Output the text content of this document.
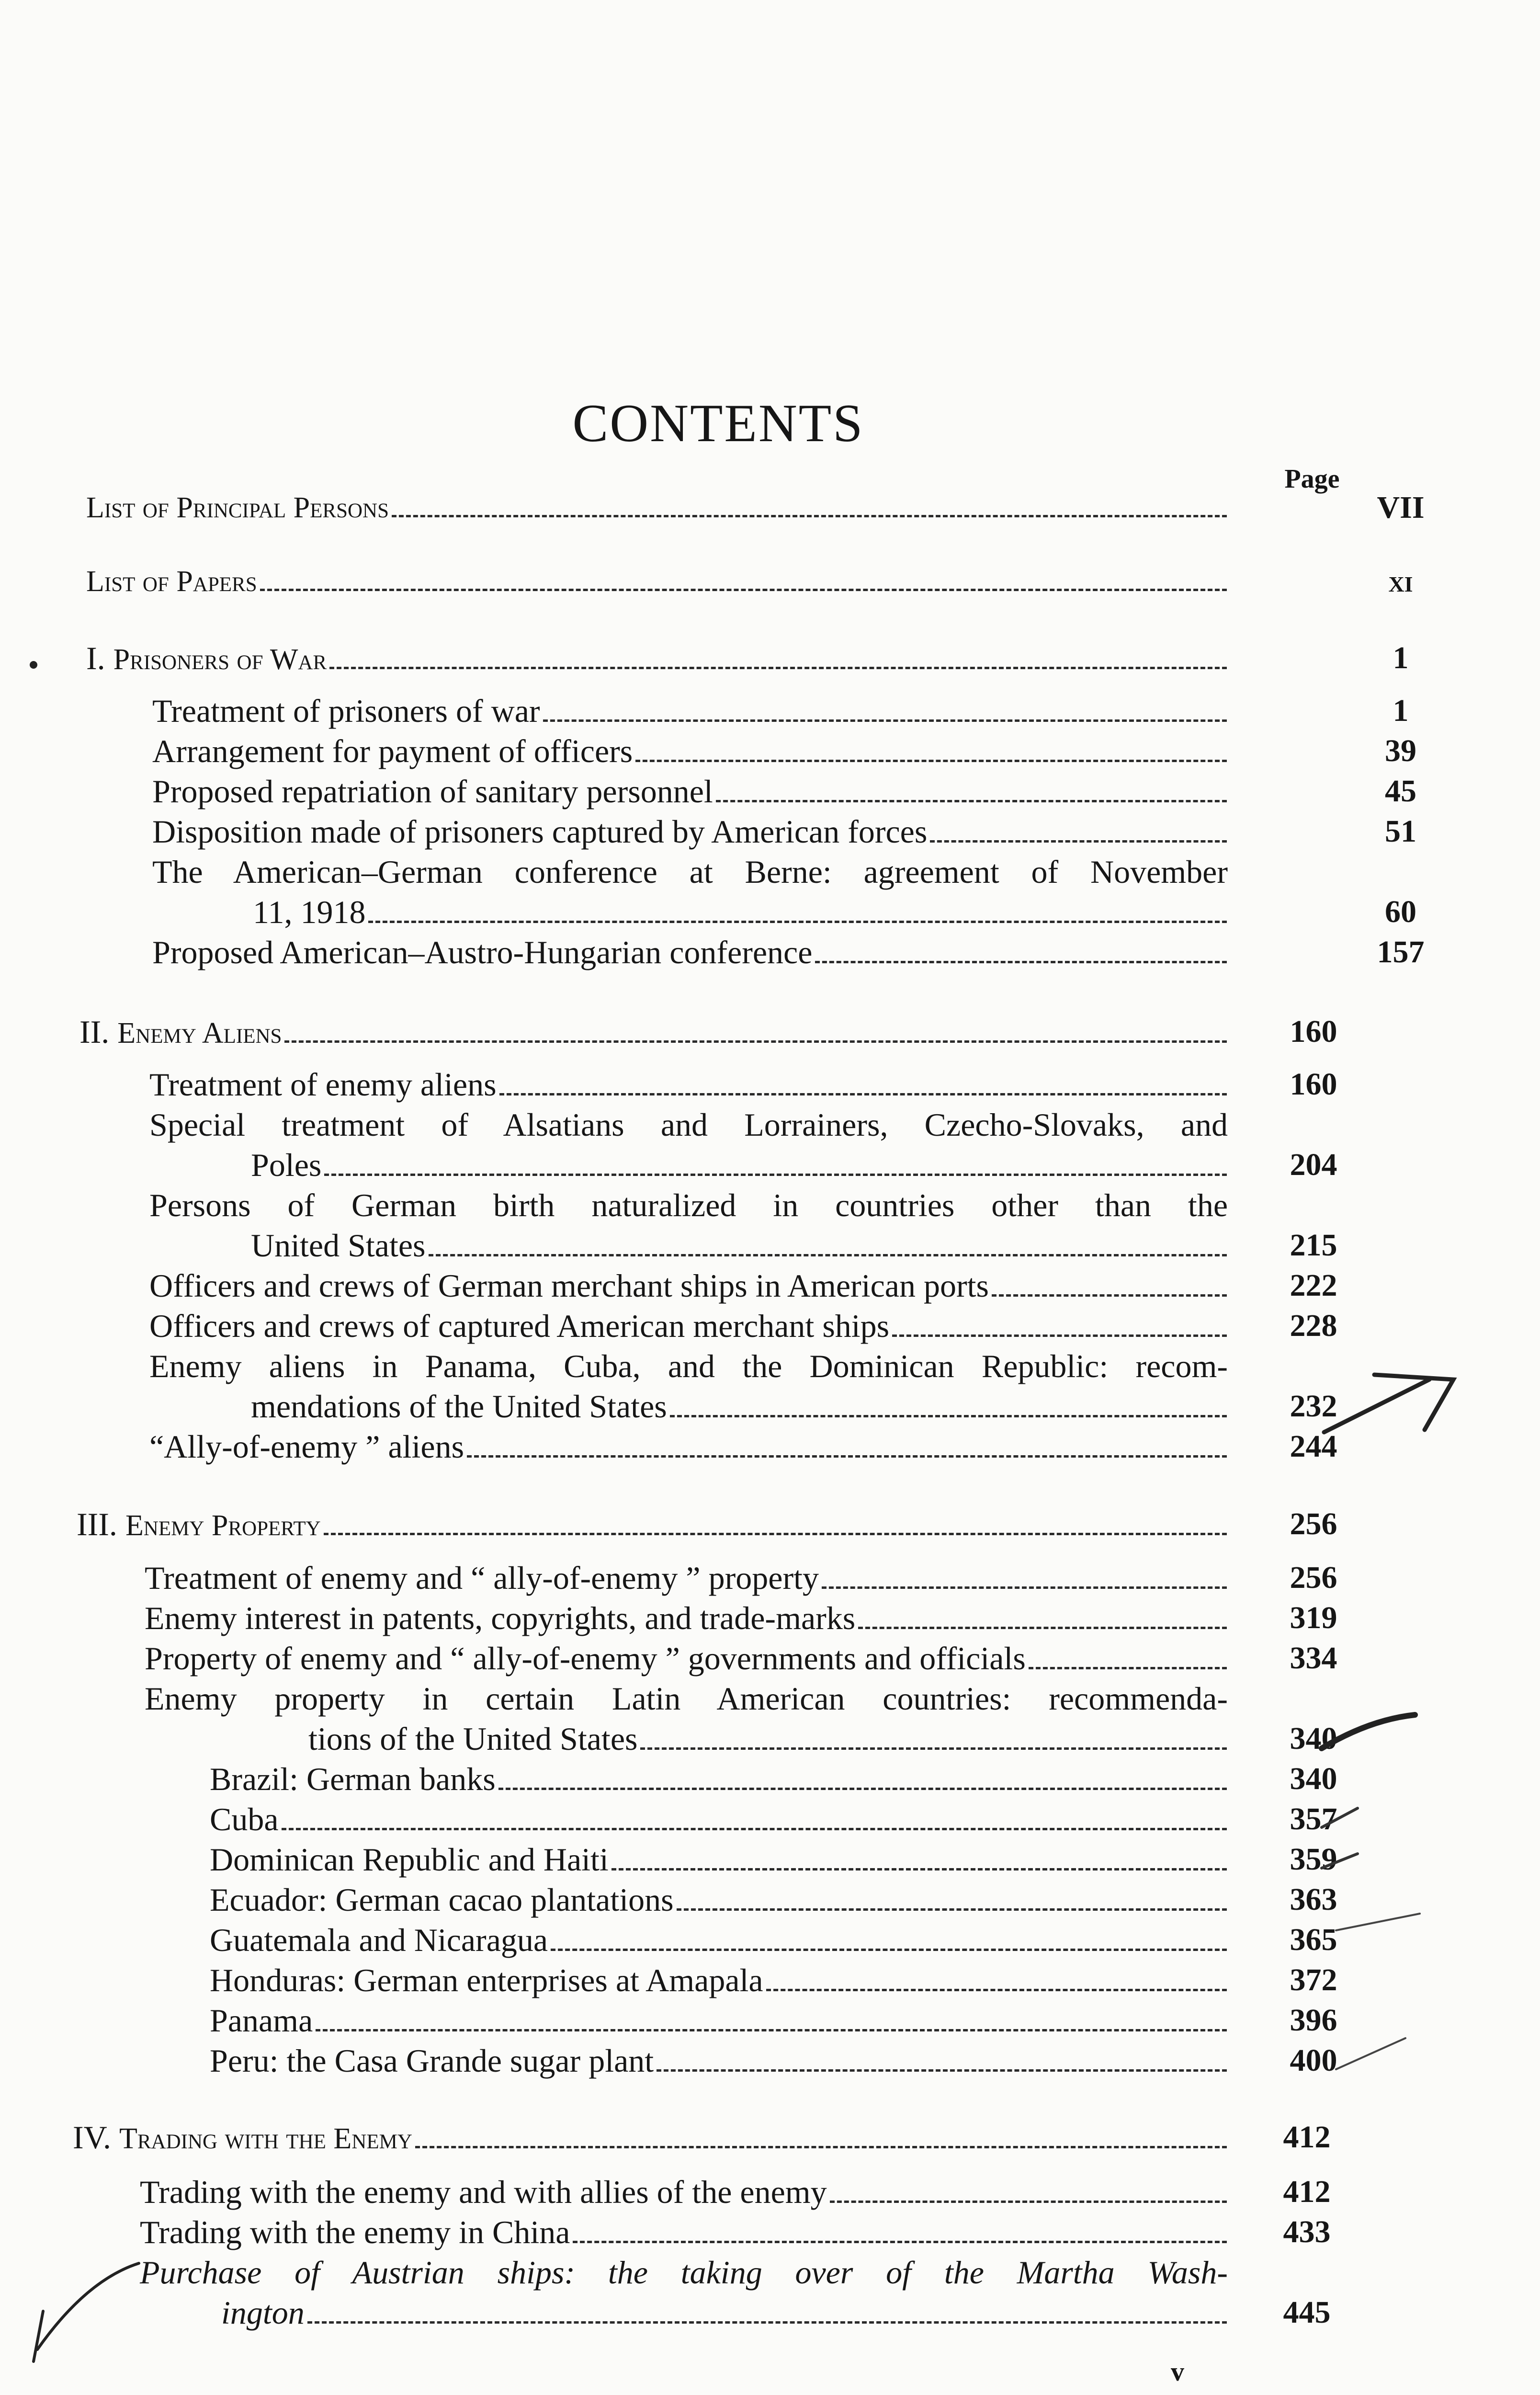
CONTENTS
Page
List of Principal Persons	VII
List of Papers	xi
I. Prisoners of War	1
Treatment of prisoners of war	1
Arrangement for payment of officers	39
Proposed repatriation of sanitary personnel	45
Disposition made of prisoners captured by American forces	51
The American–German conference at Berne: agreement of November
11, 1918	60
Proposed American–Austro-Hungarian conference	157
II. Enemy Aliens	160
Treatment of enemy aliens	160
Special treatment of Alsatians and Lorrainers, Czecho-Slovaks, and
Poles	204
Persons of German birth naturalized in countries other than the
United States	215
Officers and crews of German merchant ships in American ports	222
Officers and crews of captured American merchant ships	228
Enemy aliens in Panama, Cuba, and the Dominican Republic: recom-
mendations of the United States	232
“Ally-of-enemy ” aliens	244
III. Enemy Property	256
Treatment of enemy and “ ally-of-enemy ” property	256
Enemy interest in patents, copyrights, and trade-marks	319
Property of enemy and “ ally-of-enemy ” governments and officials	334
Enemy property in certain Latin American countries: recommenda-
tions of the United States	340
Brazil: German banks	340
Cuba	357
Dominican Republic and Haiti	359
Ecuador: German cacao plantations	363
Guatemala and Nicaragua	365
Honduras: German enterprises at Amapala	372
Panama	396
Peru: the Casa Grande sugar plant	400
IV. Trading with the Enemy	412
Trading with the enemy and with allies of the enemy	412
Trading with the enemy in China	433
Purchase of Austrian ships: the taking over of the Martha Wash-
ington	445
v
